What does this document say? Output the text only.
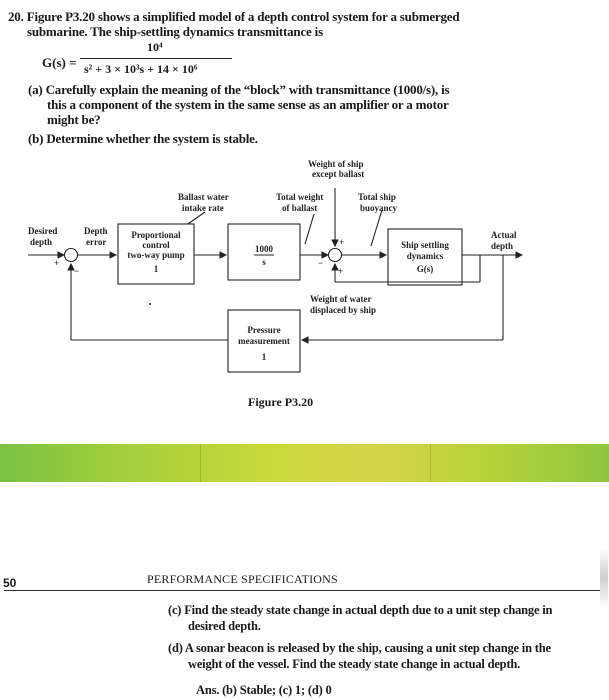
20. Figure P3.20 shows a simplified model of a depth control system for a submerged
submarine. The ship-settling dynamics transmittance is
G(s) =
10⁴
s² + 3 × 10³s + 14 × 10⁶
(a) Carefully explain the meaning of the “block” with transmittance (1000/s), is
this a component of the system in the same sense as an amplifier or a motor
might be?
(b) Determine whether the system is stable.
Weight of ship
except ballast
Ballast water
intake rate
Total weight
of ballast
Total ship
buoyancy
Desired
depth
Depth
error
Actual
depth
Weight of water
displaced by ship
Proportional
control
two-way pump
1
1000
s
Ship settling
dynamics
G(s)
Pressure
measurement
1
+
−
+
−
+
Figure P3.20
50	PERFORMANCE SPECIFICATIONS
(c) Find the steady state change in actual depth due to a unit step change in
desired depth.
(d) A sonar beacon is released by the ship, causing a unit step change in the
weight of the vessel. Find the steady state change in actual depth.
Ans. (b) Stable; (c) 1; (d) 0
